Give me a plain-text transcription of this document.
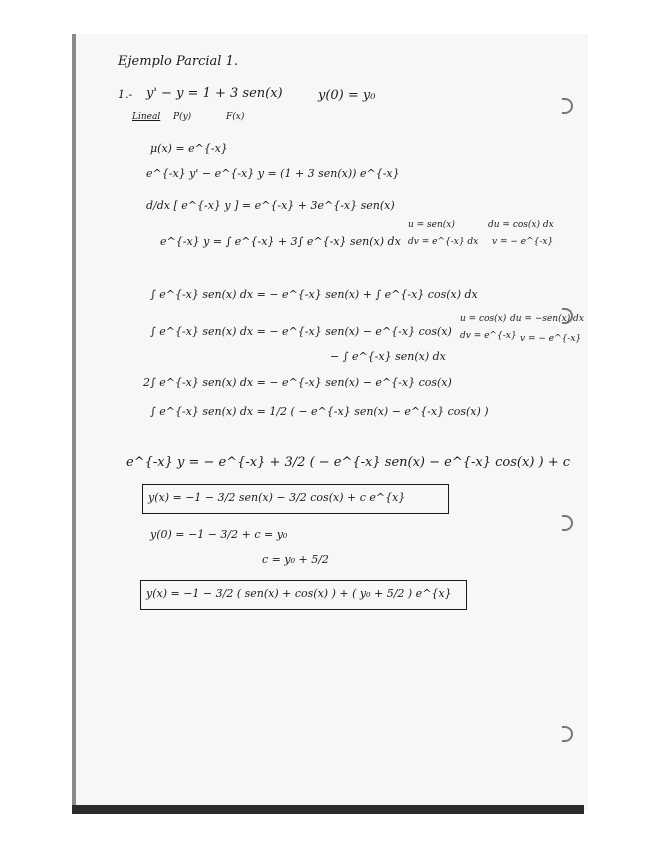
Ejemplo Parcial 1.
1.- y' − y = 1 + 3 sen(x)	y(0) = y₀
Lineal P(y)	F(x)
μ(x) = e^{-x}
e^{-x} y' − e^{-x} y = (1 + 3 sen(x)) e^{-x}
d/dx [ e^{-x} y ] = e^{-x} + 3e^{-x} sen(x)
e^{-x} y = ∫ e^{-x} + 3∫ e^{-x} sen(x) dx
u = sen(x)	du = cos(x) dx
dv = e^{-x} dx v = − e^{-x}
∫ e^{-x} sen(x) dx = − e^{-x} sen(x) + ∫ e^{-x} cos(x) dx
u = cos(x) du = −sen(x) dx
dv = e^{-x} v = − e^{-x}
∫ e^{-x} sen(x) dx = − e^{-x} sen(x) − e^{-x} cos(x)
− ∫ e^{-x} sen(x) dx
2∫ e^{-x} sen(x) dx = − e^{-x} sen(x) − e^{-x} cos(x)
∫ e^{-x} sen(x) dx = 1/2 ( − e^{-x} sen(x) − e^{-x} cos(x) )
e^{-x} y = − e^{-x} + 3/2 ( − e^{-x} sen(x) − e^{-x} cos(x) ) + c
y(x) = −1 − 3/2 sen(x) − 3/2 cos(x) + c e^{x}
y(0) = −1 − 3/2 + c = y₀
c = y₀ + 5/2
y(x) = −1 − 3/2 ( sen(x) + cos(x) ) + ( y₀ + 5/2 ) e^{x}
